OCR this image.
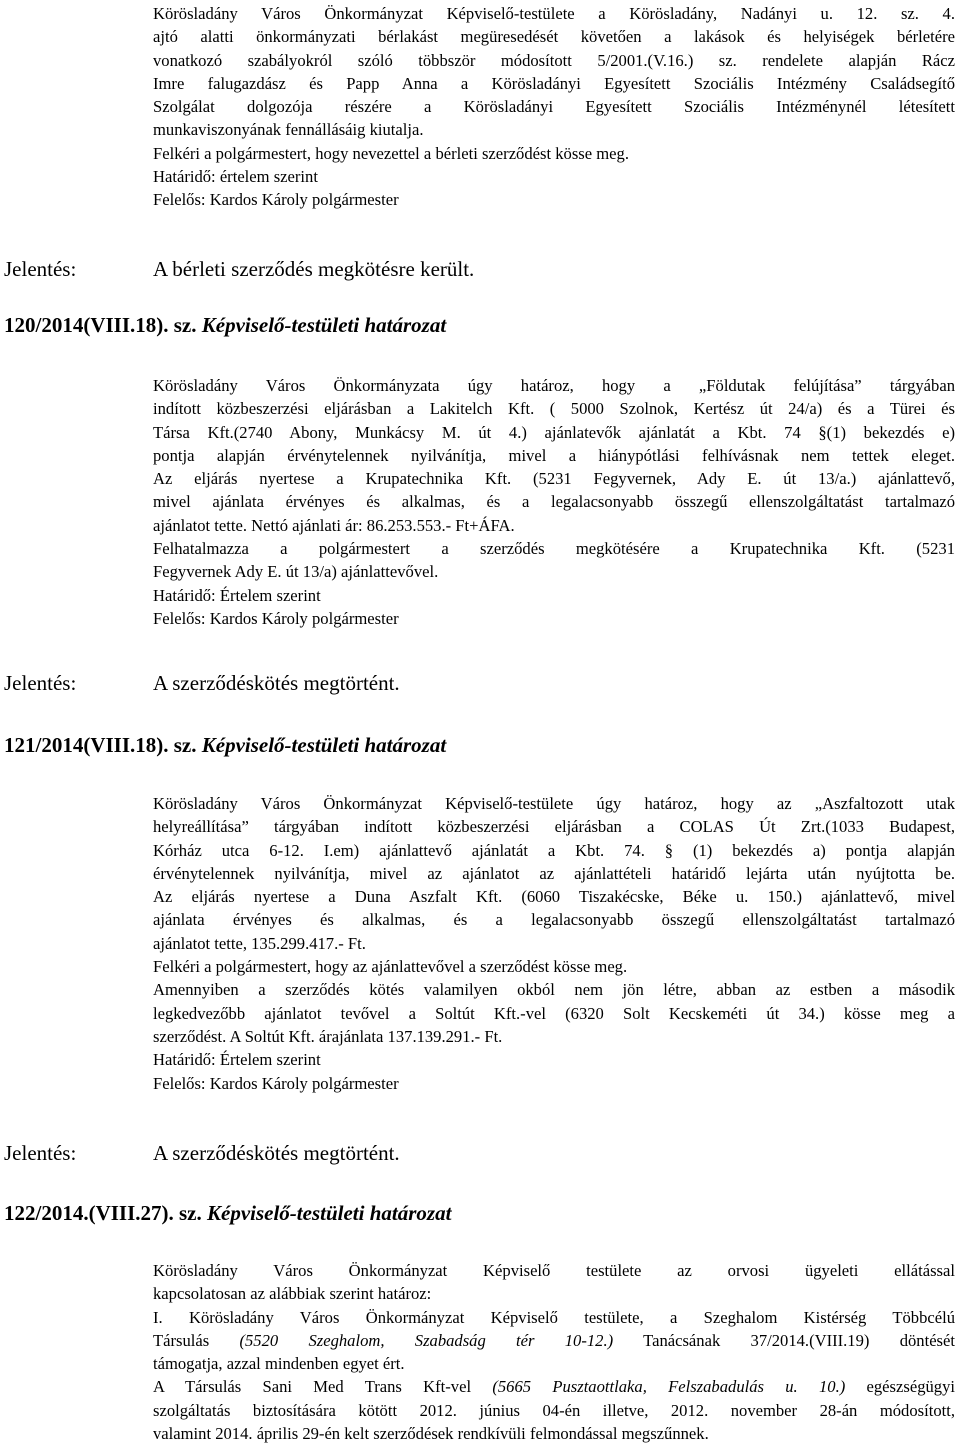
Körösladány Város Önkormányzat Képviselő-testülete a Körösladány, Nadányi u. 12. sz. 4.
ajtó alatti önkormányzati bérlakást megüresedését követően a lakások és helyiségek bérletére
vonatkozó szabályokról szóló többször módosított 5/2001.(V.16.) sz. rendelete alapján Rácz
Imre falugazdász és Papp Anna a Körösladányi Egyesített Szociális Intézmény Családsegítő
Szolgálat dolgozója részére a Körösladányi Egyesített Szociális Intézménynél létesített
munkaviszonyának fennállásáig kiutalja.
Felkéri a polgármestert, hogy nevezettel a bérleti szerződést kösse meg.
Határidő: értelem szerint
Felelős: Kardos Károly polgármester
Jelentés:	A bérleti szerződés megkötésre került.
120/2014(VIII.18). sz. Képviselő-testületi határozat
Körösladány Város Önkormányzata úgy határoz, hogy a „Földutak felújítása” tárgyában
indított közbeszerzési eljárásban a Lakitelch Kft. ( 5000 Szolnok, Kertész út 24/a) és a Türei és
Társa Kft.(2740 Abony, Munkácsy M. út 4.) ajánlatevők ajánlatát a Kbt. 74 §(1) bekezdés e)
pontja alapján érvénytelennek nyilvánítja, mivel a hiánypótlási felhívásnak nem tettek eleget.
Az eljárás nyertese a Krupatechnika Kft. (5231 Fegyvernek, Ady E. út 13/a.) ajánlattevő,
mivel ajánlata érvényes és alkalmas, és a legalacsonyabb összegű ellenszolgáltatást tartalmazó
ajánlatot tette. Nettó ajánlati ár: 86.253.553.- Ft+ÁFA.
Felhatalmazza a polgármestert a szerződés megkötésére a Krupatechnika Kft. (5231
Fegyvernek Ady E. út 13/a) ajánlattevővel.
Határidő: Értelem szerint
Felelős: Kardos Károly polgármester
Jelentés:	A szerződéskötés megtörtént.
121/2014(VIII.18). sz. Képviselő-testületi határozat
Körösladány Város Önkormányzat Képviselő-testülete úgy határoz, hogy az „Aszfaltozott utak
helyreállítása” tárgyában indított közbeszerzési eljárásban a COLAS Út Zrt.(1033 Budapest,
Kórház utca 6-12. I.em) ajánlattevő ajánlatát a Kbt. 74. § (1) bekezdés a) pontja alapján
érvénytelennek nyilvánítja, mivel az ajánlatot az ajánlattételi határidő lejárta után nyújtotta be.
Az eljárás nyertese a Duna Aszfalt Kft. (6060 Tiszakécske, Béke u. 150.) ajánlattevő, mivel
ajánlata érvényes és alkalmas, és a legalacsonyabb összegű ellenszolgáltatást tartalmazó
ajánlatot tette, 135.299.417.- Ft.
Felkéri a polgármestert, hogy az ajánlattevővel a szerződést kösse meg.
Amennyiben a szerződés kötés valamilyen okból nem jön létre, abban az estben a második
legkedvezőbb ajánlatot tevővel a Soltút Kft.-vel (6320 Solt Kecskeméti út 34.) kösse meg a
szerződést. A Soltút Kft. árajánlata 137.139.291.- Ft.
Határidő: Értelem szerint
Felelős: Kardos Károly polgármester
Jelentés:	A szerződéskötés megtörtént.
122/2014.(VIII.27). sz. Képviselő-testületi határozat
Körösladány Város Önkormányzat Képviselő testülete az orvosi ügyeleti ellátással
kapcsolatosan az alábbiak szerint határoz:
I. Körösladány Város Önkormányzat Képviselő testülete, a Szeghalom Kistérség Többcélú
Társulás (5520 Szeghalom, Szabadság tér 10-12.) Tanácsának 37/2014.(VIII.19) döntését
támogatja, azzal mindenben egyet ért.
A Társulás Sani Med Trans Kft-vel (5665 Pusztaottlaka, Felszabadulás u. 10.) egészségügyi
szolgáltatás biztosítására kötött 2012. június 04-én illetve, 2012. november 28-án módosított,
valamint 2014. április 29-én kelt szerződések rendkívüli felmondással megszűnnek.
